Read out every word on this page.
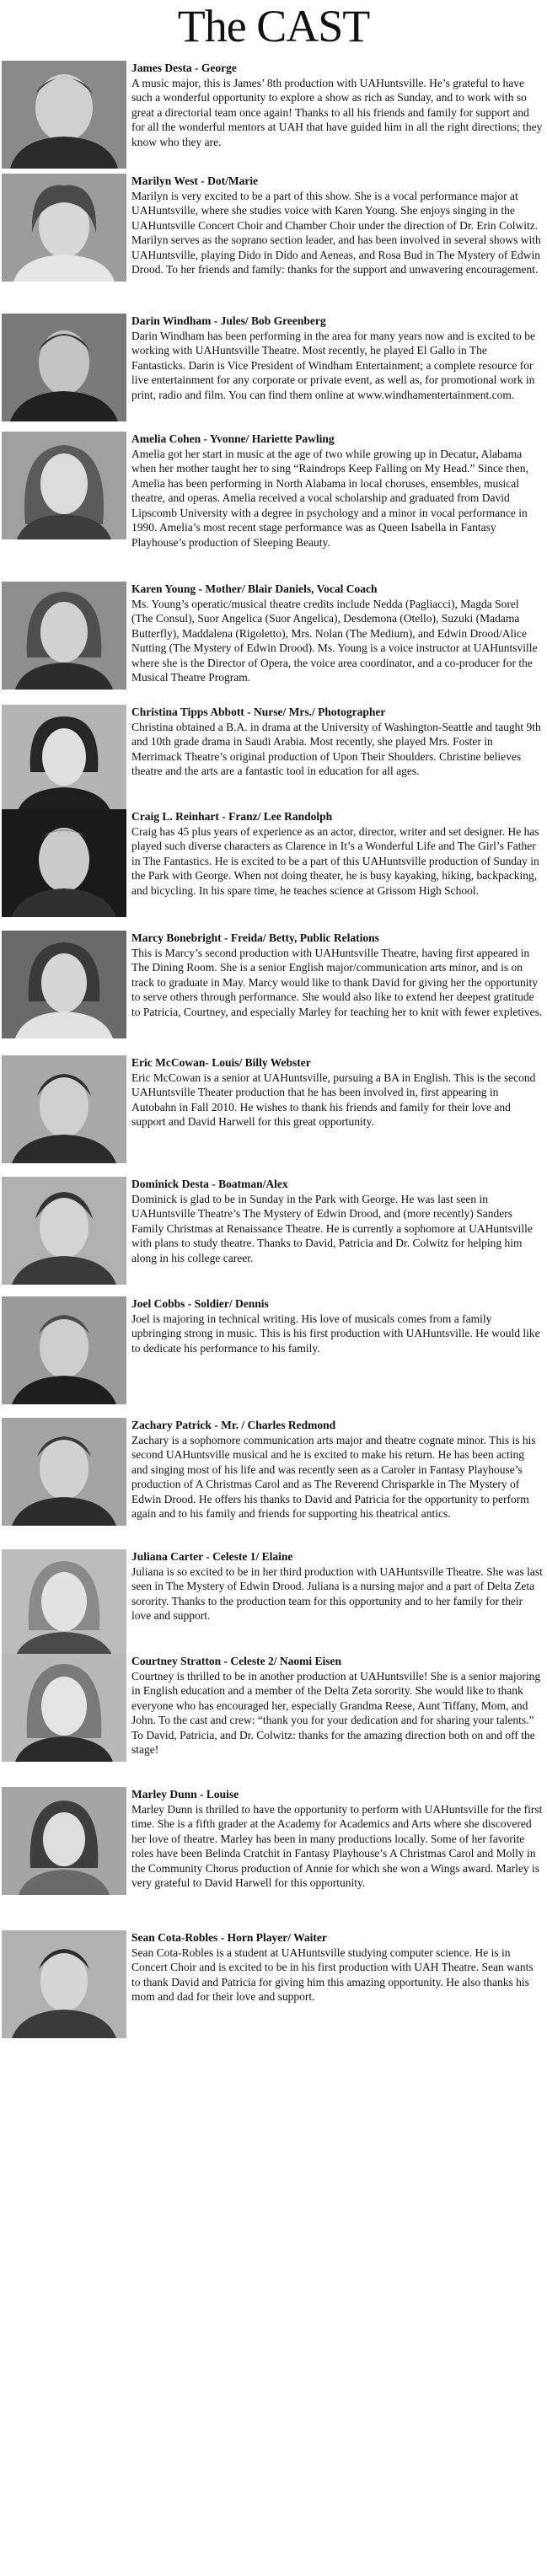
The CAST
James Desta - George
A music major, this is James’ 8th production with UAHuntsville. He’s grateful to have such a wonderful opportunity to explore a show as rich as Sunday, and to work with so great a directorial team once again! Thanks to all his friends and family for support and for all the wonderful mentors at UAH that have guided him in all the right directions; they know who they are.
Marilyn West - Dot/Marie
Marilyn is very excited to be a part of this show. She is a vocal performance major at UAHuntsville, where she studies voice with Karen Young. She enjoys singing in the UAHuntsville Concert Choir and Chamber Choir under the direction of Dr. Erin Colwitz. Marilyn serves as the soprano section leader, and has been involved in several shows with UAHuntsville, playing Dido in Dido and Aeneas, and Rosa Bud in The Mystery of Edwin Drood. To her friends and family: thanks for the support and unwavering encouragement.
Darin Windham - Jules/ Bob Greenberg
Darin Windham has been performing in the area for many years now and is excited to be working with UAHuntsville Theatre. Most recently, he played El Gallo in The Fantasticks. Darin is Vice President of Windham Entertainment; a complete resource for live entertainment for any corporate or private event, as well as, for promotional work in print, radio and film. You can find them online at www.windhamentertainment.com.
Amelia Cohen - Yvonne/ Hariette Pawling
Amelia got her start in music at the age of two while growing up in Decatur, Alabama when her mother taught her to sing “Raindrops Keep Falling on My Head.” Since then, Amelia has been performing in North Alabama in local choruses, ensembles, musical theatre, and operas. Amelia received a vocal scholarship and graduated from David Lipscomb University with a degree in psychology and a minor in vocal performance in 1990. Amelia’s most recent stage performance was as Queen Isabella in Fantasy Playhouse’s production of Sleeping Beauty.
Karen Young - Mother/ Blair Daniels, Vocal Coach
Ms. Young’s operatic/musical theatre credits include Nedda (Pagliacci), Magda Sorel (The Consul), Suor Angelica (Suor Angelica), Desdemona (Otello), Suzuki (Madama Butterfly), Maddalena (Rigoletto), Mrs. Nolan (The Medium), and Edwin Drood/Alice Nutting (The Mystery of Edwin Drood). Ms. Young is a voice instructor at UAHuntsville where she is the Director of Opera, the voice area coordinator, and a co-producer for the Musical Theatre Program.
Christina Tipps Abbott - Nurse/ Mrs./ Photographer
Christina obtained a B.A. in drama at the University of Washington-Seattle and taught 9th and 10th grade drama in Saudi Arabia. Most recently, she played Mrs. Foster in Merrimack Theatre’s original production of Upon Their Shoulders. Christine believes theatre and the arts are a fantastic tool in education for all ages.
Craig L. Reinhart - Franz/ Lee Randolph
Craig has 45 plus years of experience as an actor, director, writer and set designer. He has played such diverse characters as Clarence in It’s a Wonderful Life and The Girl’s Father in The Fantastics. He is excited to be a part of this UAHuntsville production of Sunday in the Park with George. When not doing theater, he is busy kayaking, hiking, backpacking, and bicycling. In his spare time, he teaches science at Grissom High School.
Marcy Bonebright - Freida/ Betty, Public Relations
This is Marcy’s second production with UAHuntsville Theatre, having first appeared in The Dining Room. She is a senior English major/communication arts minor, and is on track to graduate in May. Marcy would like to thank David for giving her the opportunity to serve others through performance. She would also like to extend her deepest gratitude to Patricia, Courtney, and especially Marley for teaching her to knit with fewer expletives.
Eric McCowan- Louis/ Billy Webster
Eric McCowan is a senior at UAHuntsville, pursuing a BA in English. This is the second UAHuntsville Theater production that he has been involved in, first appearing in Autobahn in Fall 2010. He wishes to thank his friends and family for their love and support and David Harwell for this great opportunity.
Dominick Desta - Boatman/Alex
Dominick is glad to be in Sunday in the Park with George. He was last seen in UAHuntsville Theatre’s The Mystery of Edwin Drood, and (more recently) Sanders Family Christmas at Renaissance Theatre. He is currently a sophomore at UAHuntsville with plans to study theatre. Thanks to David, Patricia and Dr. Colwitz for helping him along in his college career.
Joel Cobbs - Soldier/ Dennis
Joel is majoring in technical writing. His love of musicals comes from a family upbringing strong in music. This is his first production with UAHuntsville. He would like to dedicate his performance to his family.
Zachary Patrick - Mr. / Charles Redmond
Zachary is a sophomore communication arts major and theatre cognate minor. This is his second UAHuntsville musical and he is excited to make his return. He has been acting and singing most of his life and was recently seen as a Caroler in Fantasy Playhouse’s production of A Christmas Carol and as The Reverend Chrisparkle in The Mystery of Edwin Drood. He offers his thanks to David and Patricia for the opportunity to perform again and to his family and friends for supporting his theatrical antics.
Juliana Carter - Celeste 1/ Elaine
Juliana is so excited to be in her third production with UAHuntsville Theatre. She was last seen in The Mystery of Edwin Drood. Juliana is a nursing major and a part of Delta Zeta sorority. Thanks to the production team for this opportunity and to her family for their love and support.
Courtney Stratton - Celeste 2/ Naomi Eisen
Courtney is thrilled to be in another production at UAHuntsville! She is a senior majoring in English education and a member of the Delta Zeta sorority. She would like to thank everyone who has encouraged her, especially Grandma Reese, Aunt Tiffany, Mom, and John. To the cast and crew: “thank you for your dedication and for sharing your talents.” To David, Patricia, and Dr. Colwitz: thanks for the amazing direction both on and off the stage!
Marley Dunn - Louise
Marley Dunn is thrilled to have the opportunity to perform with UAHuntsville for the first time. She is a fifth grader at the Academy for Academics and Arts where she discovered her love of theatre. Marley has been in many productions locally. Some of her favorite roles have been Belinda Cratchit in Fantasy Playhouse’s A Christmas Carol and Molly in the Community Chorus production of Annie for which she won a Wings award. Marley is very grateful to David Harwell for this opportunity.
Sean Cota-Robles - Horn Player/ Waiter
Sean Cota-Robles is a student at UAHuntsville studying computer science. He is in Concert Choir and is excited to be in his first production with UAH Theatre. Sean wants to thank David and Patricia for giving him this amazing opportunity. He also thanks his mom and dad for their love and support.
